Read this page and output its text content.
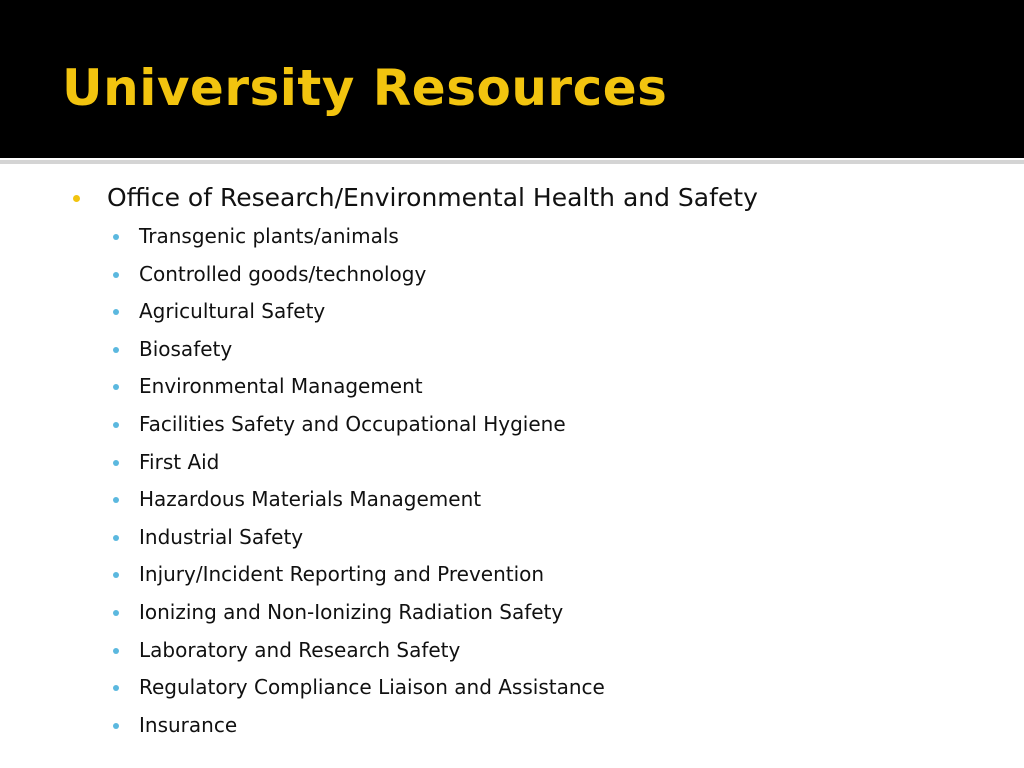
University Resources
Office of Research/Environmental Health and Safety
Transgenic plants/animals
Controlled goods/technology
Agricultural Safety
Biosafety
Environmental Management
Facilities Safety and Occupational Hygiene
First Aid
Hazardous Materials Management
Industrial Safety
Injury/Incident Reporting and Prevention
Ionizing and Non-Ionizing Radiation Safety
Laboratory and Research Safety
Regulatory Compliance Liaison and Assistance
Insurance
